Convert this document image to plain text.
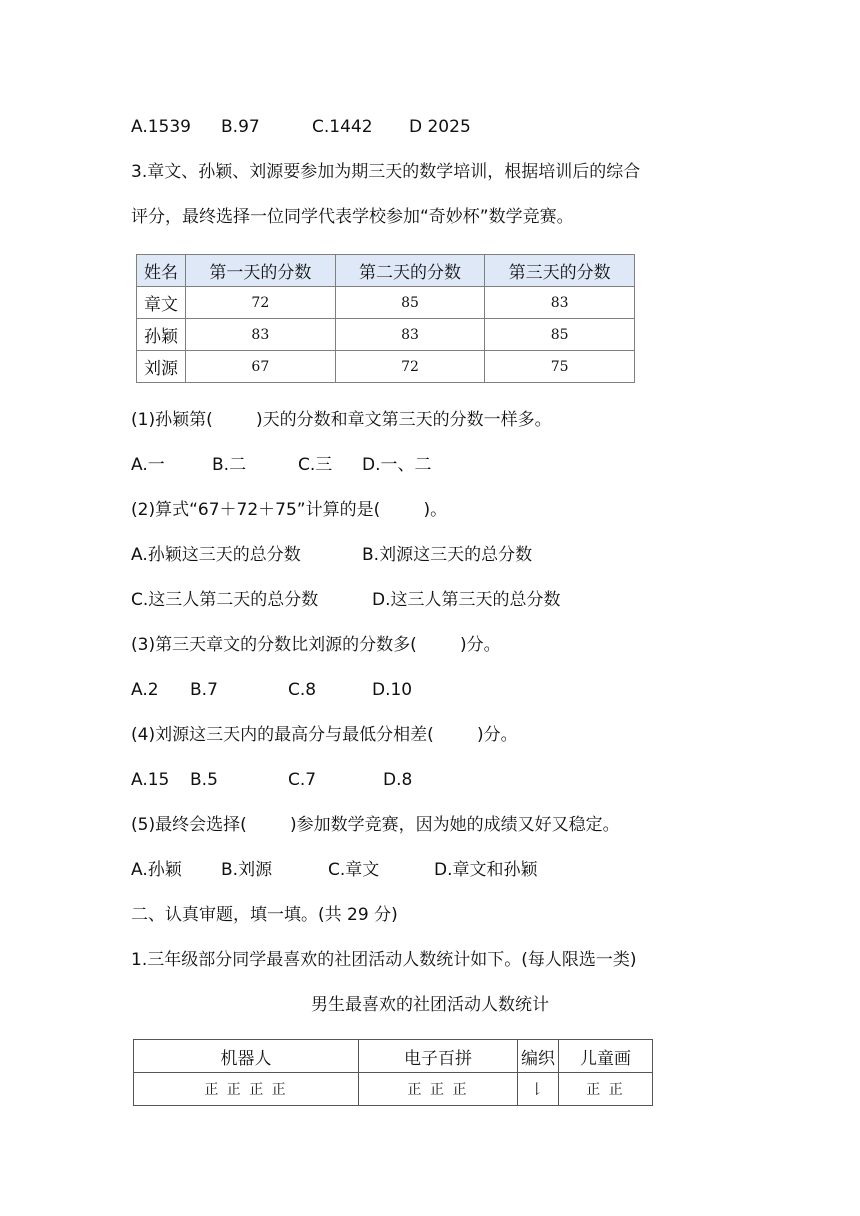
A.1539 B.97	C.1442 D 2025
3.章文、孙颖、刘源要参加为期三天的数学培训，根据培训后的综合
评分，最终选择一位同学代表学校参加“奇妙杯”数学竞赛。
姓名	第一天的分数	第二天的分数	第三天的分数
章文	72	85	83
孙颖	83	83	85
刘源	67	72	75
(1)孙颖第(        )天的分数和章文第三天的分数一样多。
A.一	B.二	C.三 D.一、二
(2)算式“67＋72＋75”计算的是(        )。
A.孙颖这三天的总分数	B.刘源这三天的总分数
C.这三人第二天的总分数	D.这三人第三天的总分数
(3)第三天章文的分数比刘源的分数多(        )分。
A.2 B.7	C.8	D.10
(4)刘源这三天内的最高分与最低分相差(        )分。
A.15 B.5	C.7	D.8
(5)最终会选择(        )参加数学竞赛，因为她的成绩又好又稳定。
A.孙颖 B.刘源	C.章文	D.章文和孙颖
二、认真审题，填一填。(共 29 分)
1.三年级部分同学最喜欢的社团活动人数统计如下。(每人限选一类)
男生最喜欢的社团活动人数统计
机器人	电子百拼	编织	儿童画
正 正 正 正	正 正 正	𠄌	正 正
